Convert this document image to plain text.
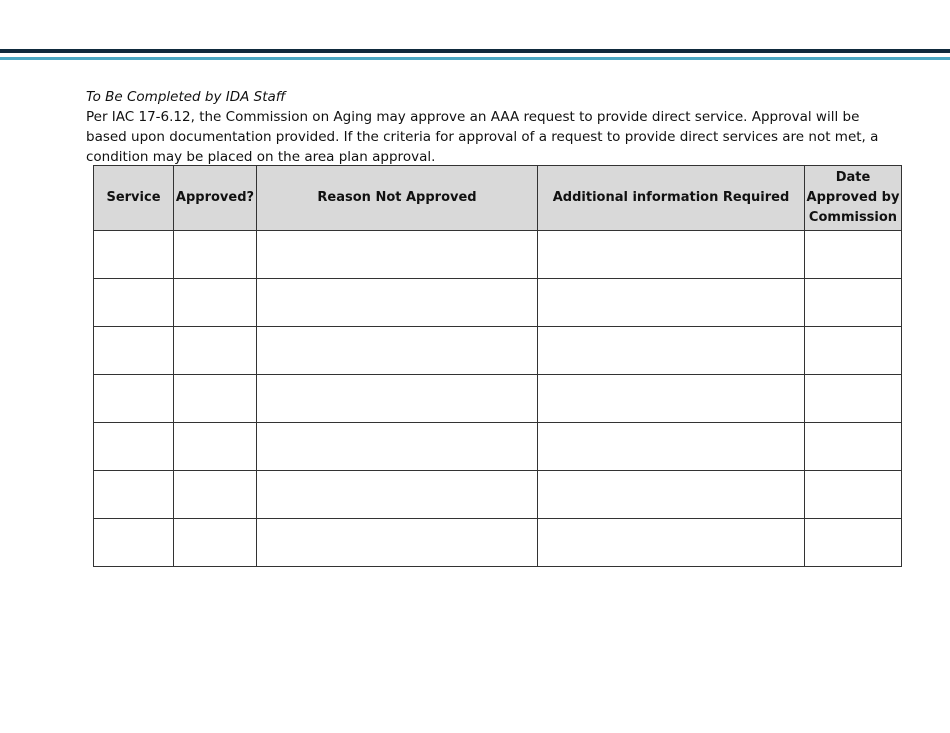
To Be Completed by IDA Staff

Per IAC 17-6.12, the Commission on Aging may approve an AAA request to provide direct service. Approval will be based upon documentation provided. If the criteria for approval of a request to provide direct services are not met, a condition may be placed on the area plan approval.

Service	Approved?	Reason Not Approved	Additional information Required	Date Approved by Commission
